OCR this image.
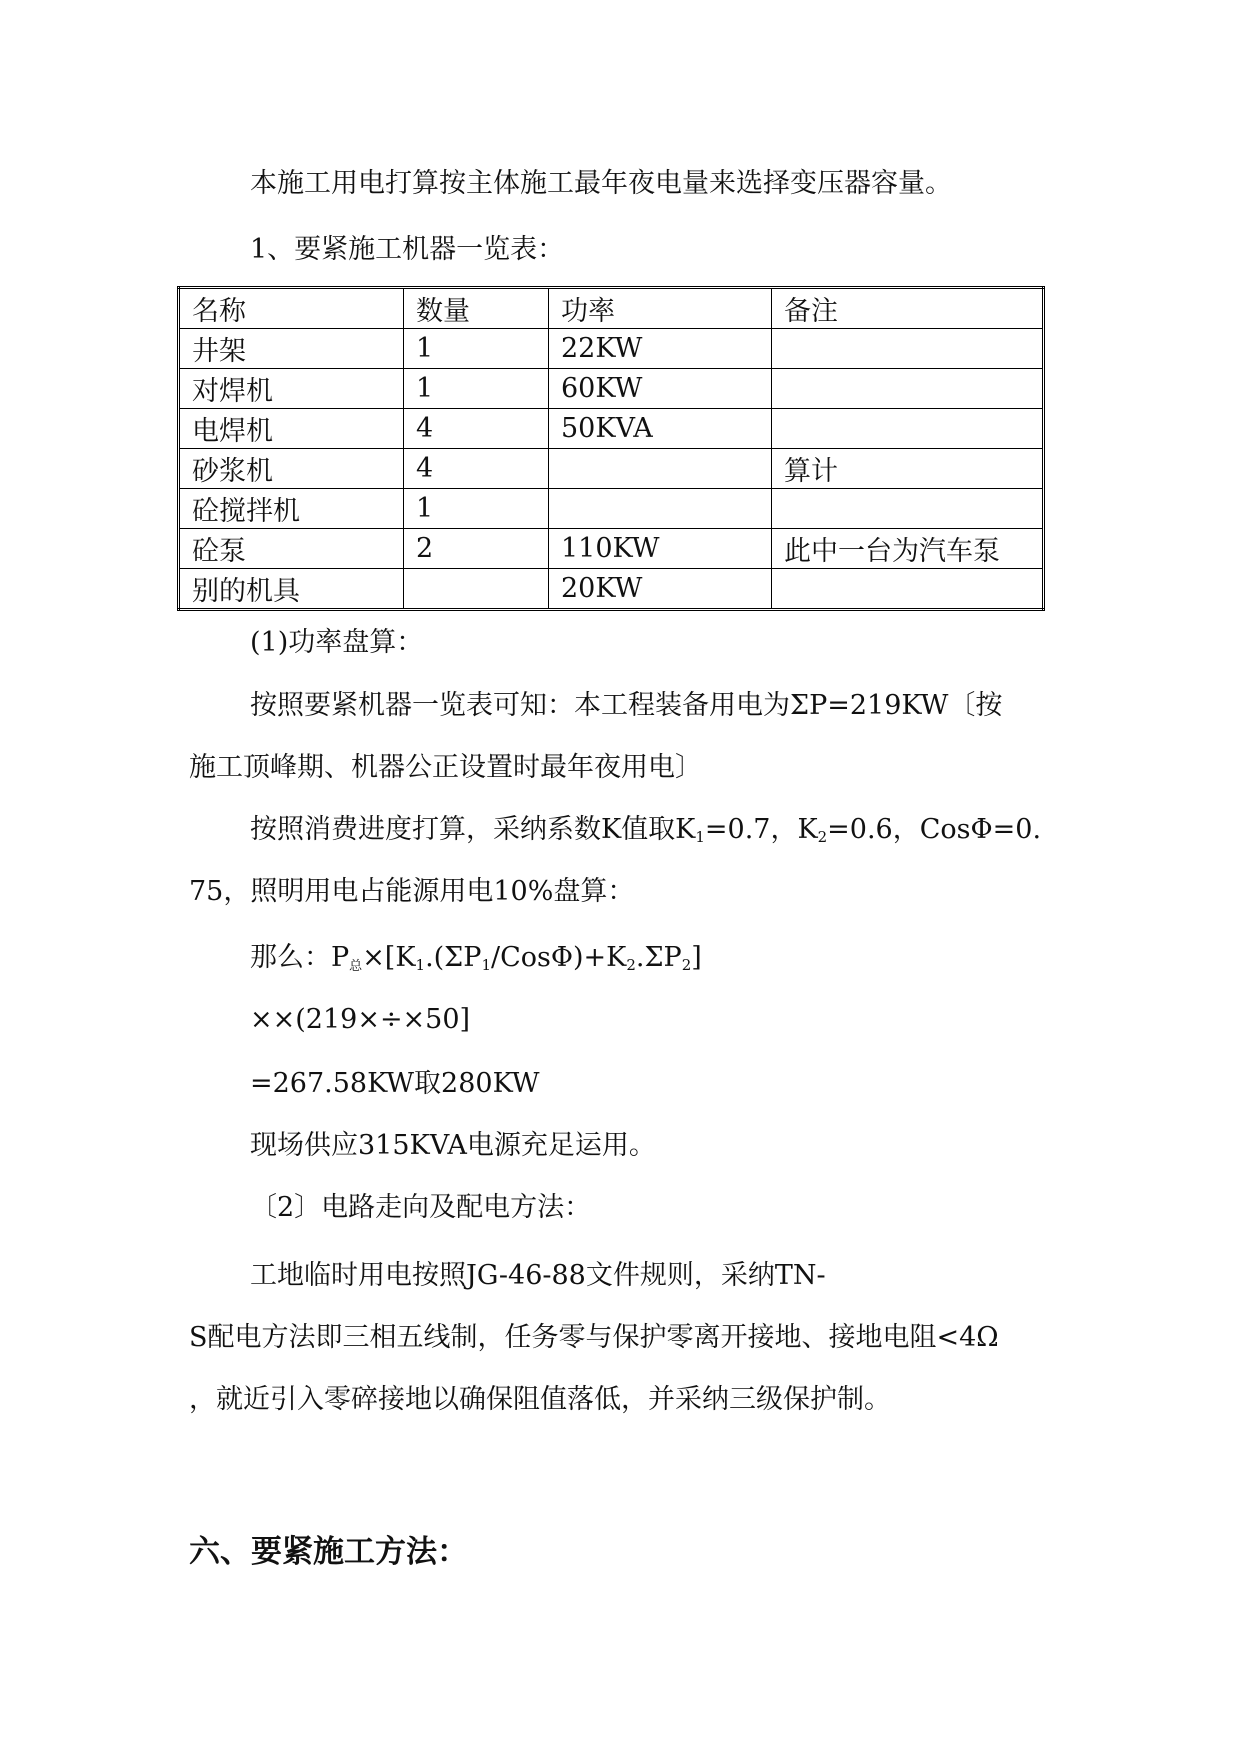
本施工用电打算按主体施工最年夜电量来选择变压器容量。
1、要紧施工机器一览表：
名称	数量	功率	备注
井架	1	22KW	
对焊机	1	60KW	
电焊机	4	50KVA	
砂浆机	4		算计
砼搅拌机	1		
砼泵	2	110KW	此中一台为汽车泵
别的机具		20KW	
(1)功率盘算：
按照要紧机器一览表可知：本工程装备用电为ΣP=219KW〔按
施工顶峰期、机器公正设置时最年夜用电〕
按照消费进度打算，采纳系数K值取$K_1=0.7$，$K_2=0.6$，CosΦ=0.
75，照明用电占能源用电10%盘算：
那么：$P_总\times[K_1.(\Sigma P_1/Cos\Phi)+K_2.\Sigma P_2]$
××(219×÷×50]
=267.58KW取280KW
现场供应315KVA电源充足运用。
〔2〕电路走向及配电方法：
工地临时用电按照JG-46-88文件规则，采纳TN-
S配电方法即三相五线制，任务零与保护零离开接地、接地电阻<4Ω
，就近引入零碎接地以确保阻值落低，并采纳三级保护制。
六、要紧施工方法：
